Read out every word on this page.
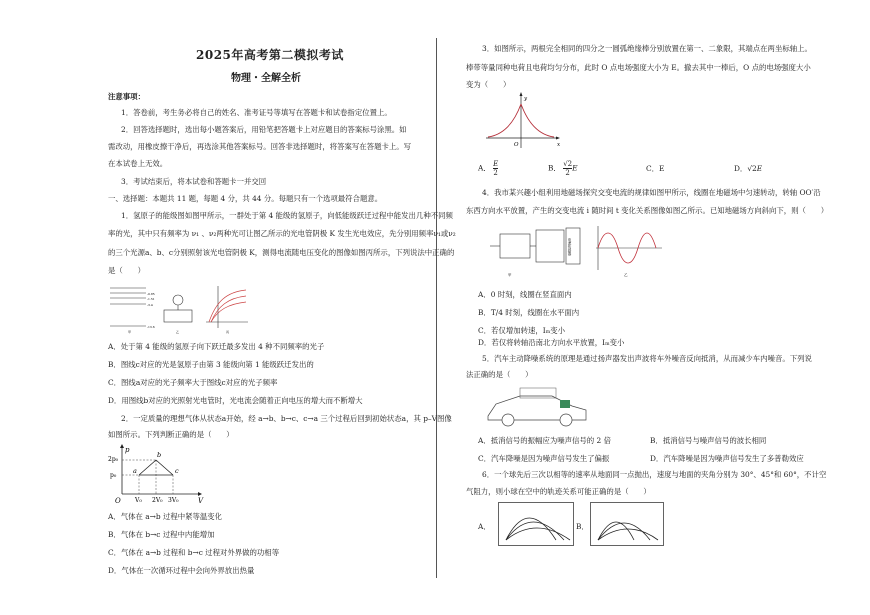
2025年高考第二模拟考试
物理・全解全析
注意事项：
1．答卷前，考生务必将自己的姓名、准考证号等填写在答题卡和试卷指定位置上。
2．回答选择题时，选出每小题答案后，用铅笔把答题卡上对应题目的答案标号涂黑。如
需改动，用橡皮擦干净后，再选涂其他答案标号。回答非选择题时，将答案写在答题卡上。写
在本试卷上无效。
3．考试结束后，将本试卷和答题卡一并交回
一、选择题：本题共 11 题，每题 4 分，共 44 分。每题只有一个选项最符合题意。
1．氢原子的能级图如图甲所示，一群处于第 4 能级的氢原子，向低能级跃迁过程中能发出几种不同频
率的光，其中只有频率为 ν₁ 、ν₂两种光可让图乙所示的光电管阴极 K 发生光电效应，先分别用频率ν₁或ν₂
的三个光源a、b、c分别照射该光电管阴极 K，测得电流随电压变化的图像如图丙所示，下列说法中正确的
是（　　）
-0.85
-1.51
-3.4
-13.6
甲	乙	丙
A．处于第 4 能级的氢原子向下跃迁最多发出 4 种不同频率的光子
B．图线c对应的光是氢原子由第 3 能级向第 1 能级跃迁发出的
C．图线a对应的光子频率大于图线c对应的光子频率
D．用图线b对应的光照射光电管时，光电流会随着正向电压的增大而不断增大
2．一定质量的理想气体从状态a开始，经 a→b、b→c、c→a 三个过程后回到初始状态a，其 p–V图像
如图所示。下列判断正确的是（　　）
p
V
O
2p₀
p₀
V₀ 2V₀ 3V₀
a
b
c
A．气体在 a→b 过程中紧等温变化
B．气体在 b→c 过程中内能增加
C．气体在 a→b 过程和 b→c 过程对外界做的功相等
D．气体在一次循环过程中会向外界放出热量
3．如图所示，两根完全相同的四分之一圆弧绝缘棒分别放置在第一、二象限，其端点在两坐标轴上。
棒带等量同种电荷且电荷均匀分布，此时 O 点电场强度大小为 E。撤去其中一棒后，O 点的电场强度大小
变为（　　）
y
x
O
A． $\frac{E}{2}$	B． $\frac{√2}{2}$ E	C．E	D．√2E
4．我市某兴趣小组利用地磁场探究交变电流的规律如图甲所示，线圈在地磁场中匀速转动，转轴 OO′沿
东西方向水平放置，产生的交变电流 i 随时间 t 变化关系图像如图乙所示。已知地磁场方向斜向下，则（　　）
电流传感器
甲	乙
A．0 时刻，线圈在竖直面内
B．T/4 时刻，线圈在水平面内
C．若仅增加转速，Iₘ变小
D．若仅将转轴沿南北方向水平放置，Iₘ变小
5．汽车主动降噪系统的原理是通过扬声器发出声波将车外噪音反向抵消，从而减少车内噪音。下列说
法正确的是（　　）
A．抵消信号的振幅应为噪声信号的 2 倍	B．抵消信号与噪声信号的波长相同
C．汽车降噪是因为噪声信号发生了偏振	D．汽车降噪是因为噪声信号发生了多普勒效应
6．一个球先后三次以相等的速率从地面同一点抛出，速度与地面的夹角分别为 30°、45°和 60°，不计空
气阻力，则小球在空中的轨迹关系可能正确的是（　　）
A．	B．
